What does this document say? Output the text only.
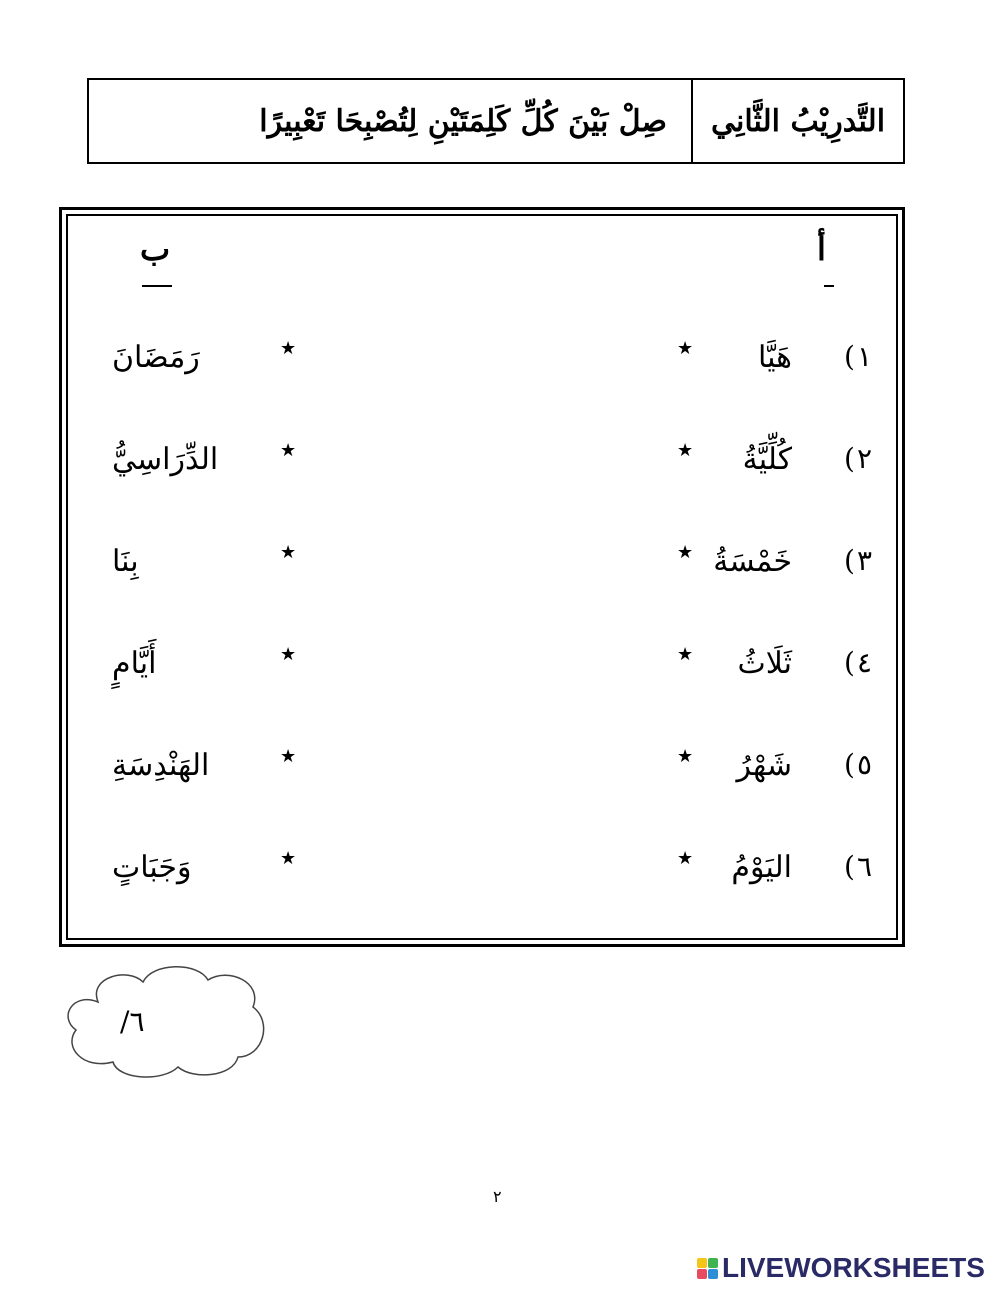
التَّدرِيْبُ الثَّانِي
صِلْ بَيْنَ كُلِّ كَلِمَتَيْنِ لِتُصْبِحَا تَعْبِيرًا
أ
ب
١
)
هَيَّا
★
★
رَمَضَانَ
٢
)
كُلِّيَّةُ
★
★
الدِّرَاسِيُّ
٣
)
خَمْسَةُ
★
★
بِنَا
٤
)
ثَلَاثُ
★
★
أَيَّامٍ
٥
)
شَهْرُ
★
★
الهَنْدِسَةِ
٦
)
اليَوْمُ
★
★
وَجَبَاتٍ
٦/
٢
LIVEWORKSHEETS
